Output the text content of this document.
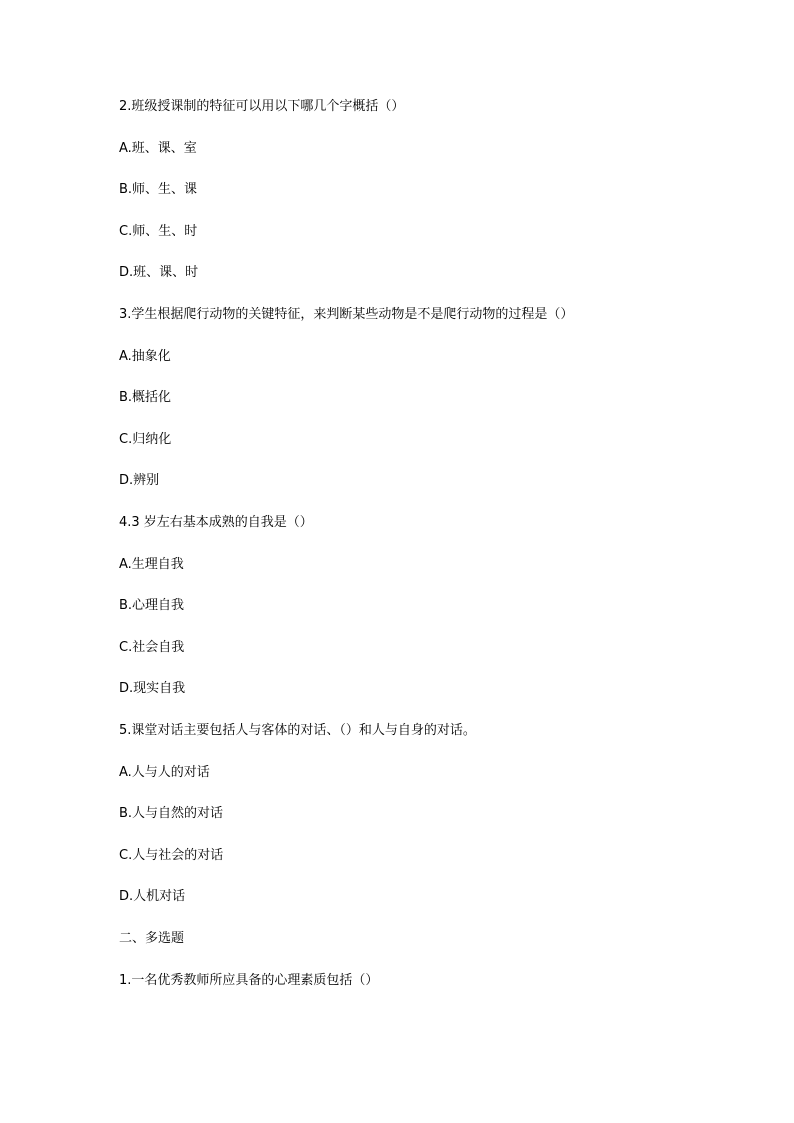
2.班级授课制的特征可以用以下哪几个字概括（）
A.班、课、室
B.师、生、课
C.师、生、时
D.班、课、时
3.学生根据爬行动物的关键特征，来判断某些动物是不是爬行动物的过程是（）
A.抽象化
B.概括化
C.归纳化
D.辨别
4.3 岁左右基本成熟的自我是（）
A.生理自我
B.心理自我
C.社会自我
D.现实自我
5.课堂对话主要包括人与客体的对话、（）和人与自身的对话。
A.人与人的对话
B.人与自然的对话
C.人与社会的对话
D.人机对话
二、多选题
1.一名优秀教师所应具备的心理素质包括（）
